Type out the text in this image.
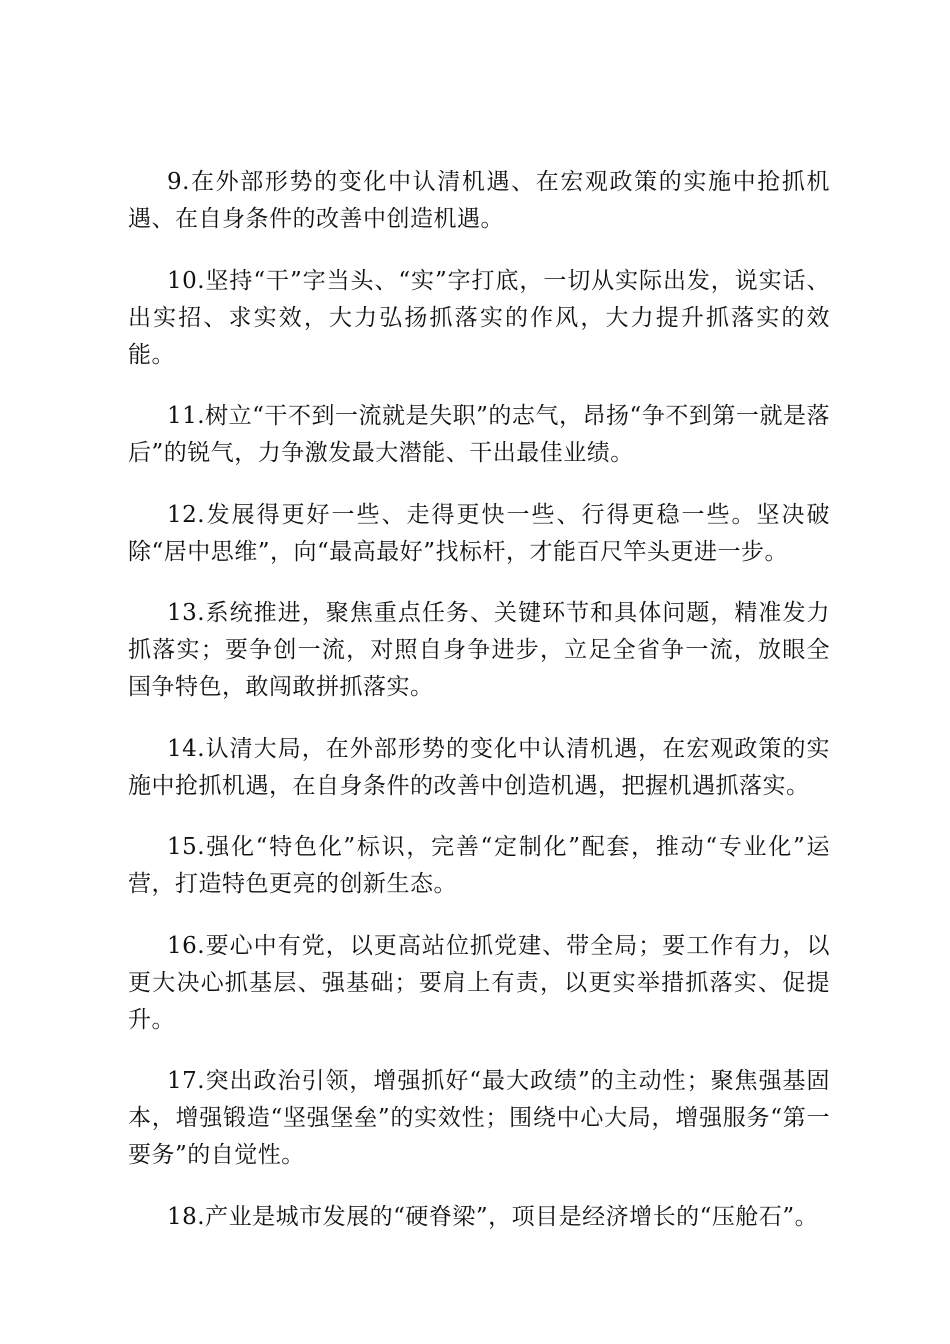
9.在外部形势的变化中认清机遇、在宏观政策的实施中抢抓机遇、在自身条件的改善中创造机遇。

10.坚持“干”字当头、“实”字打底，一切从实际出发，说实话、出实招、求实效，大力弘扬抓落实的作风，大力提升抓落实的效能。

11.树立“干不到一流就是失职”的志气，昂扬“争不到第一就是落后”的锐气，力争激发最大潜能、干出最佳业绩。

12.发展得更好一些、走得更快一些、行得更稳一些。坚决破除“居中思维”，向“最高最好”找标杆，才能百尺竿头更进一步。

13.系统推进，聚焦重点任务、关键环节和具体问题，精准发力抓落实；要争创一流，对照自身争进步，立足全省争一流，放眼全国争特色，敢闯敢拼抓落实。

14.认清大局，在外部形势的变化中认清机遇，在宏观政策的实施中抢抓机遇，在自身条件的改善中创造机遇，把握机遇抓落实。

15.强化“特色化”标识，完善“定制化”配套，推动“专业化”运营，打造特色更亮的创新生态。

16.要心中有党，以更高站位抓党建、带全局；要工作有力，以更大决心抓基层、强基础；要肩上有责，以更实举措抓落实、促提升。

17.突出政治引领，增强抓好“最大政绩”的主动性；聚焦强基固本，增强锻造“坚强堡垒”的实效性；围绕中心大局，增强服务“第一要务”的自觉性。

18.产业是城市发展的“硬脊梁”，项目是经济增长的“压舱石”。
